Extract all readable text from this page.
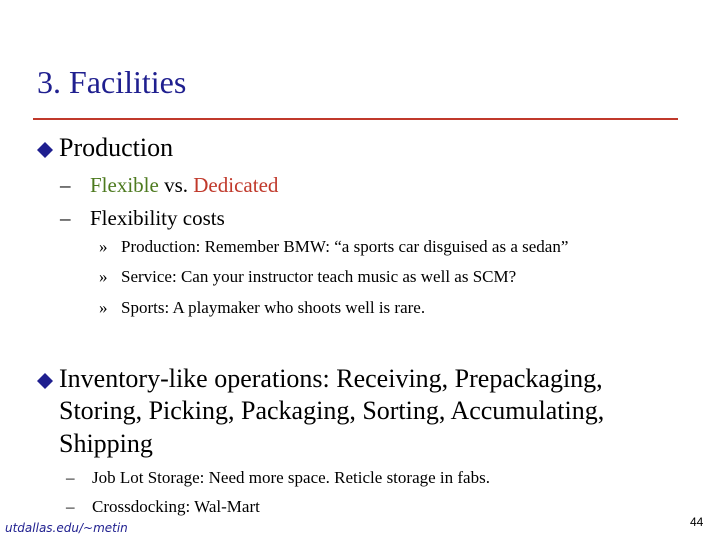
3. Facilities
Production
– Flexible vs. Dedicated
– Flexibility costs
» Production: Remember BMW: “a sports car disguised as a sedan”
» Service: Can your instructor teach music as well as SCM?
» Sports: A playmaker who shoots well is rare.
Inventory-like operations: Receiving, Prepackaging,
Storing, Picking, Packaging, Sorting, Accumulating,
Shipping
– Job Lot Storage: Need more space. Reticle storage in fabs.
– Crossdocking: Wal-Mart
utdallas.edu/~metin	44
